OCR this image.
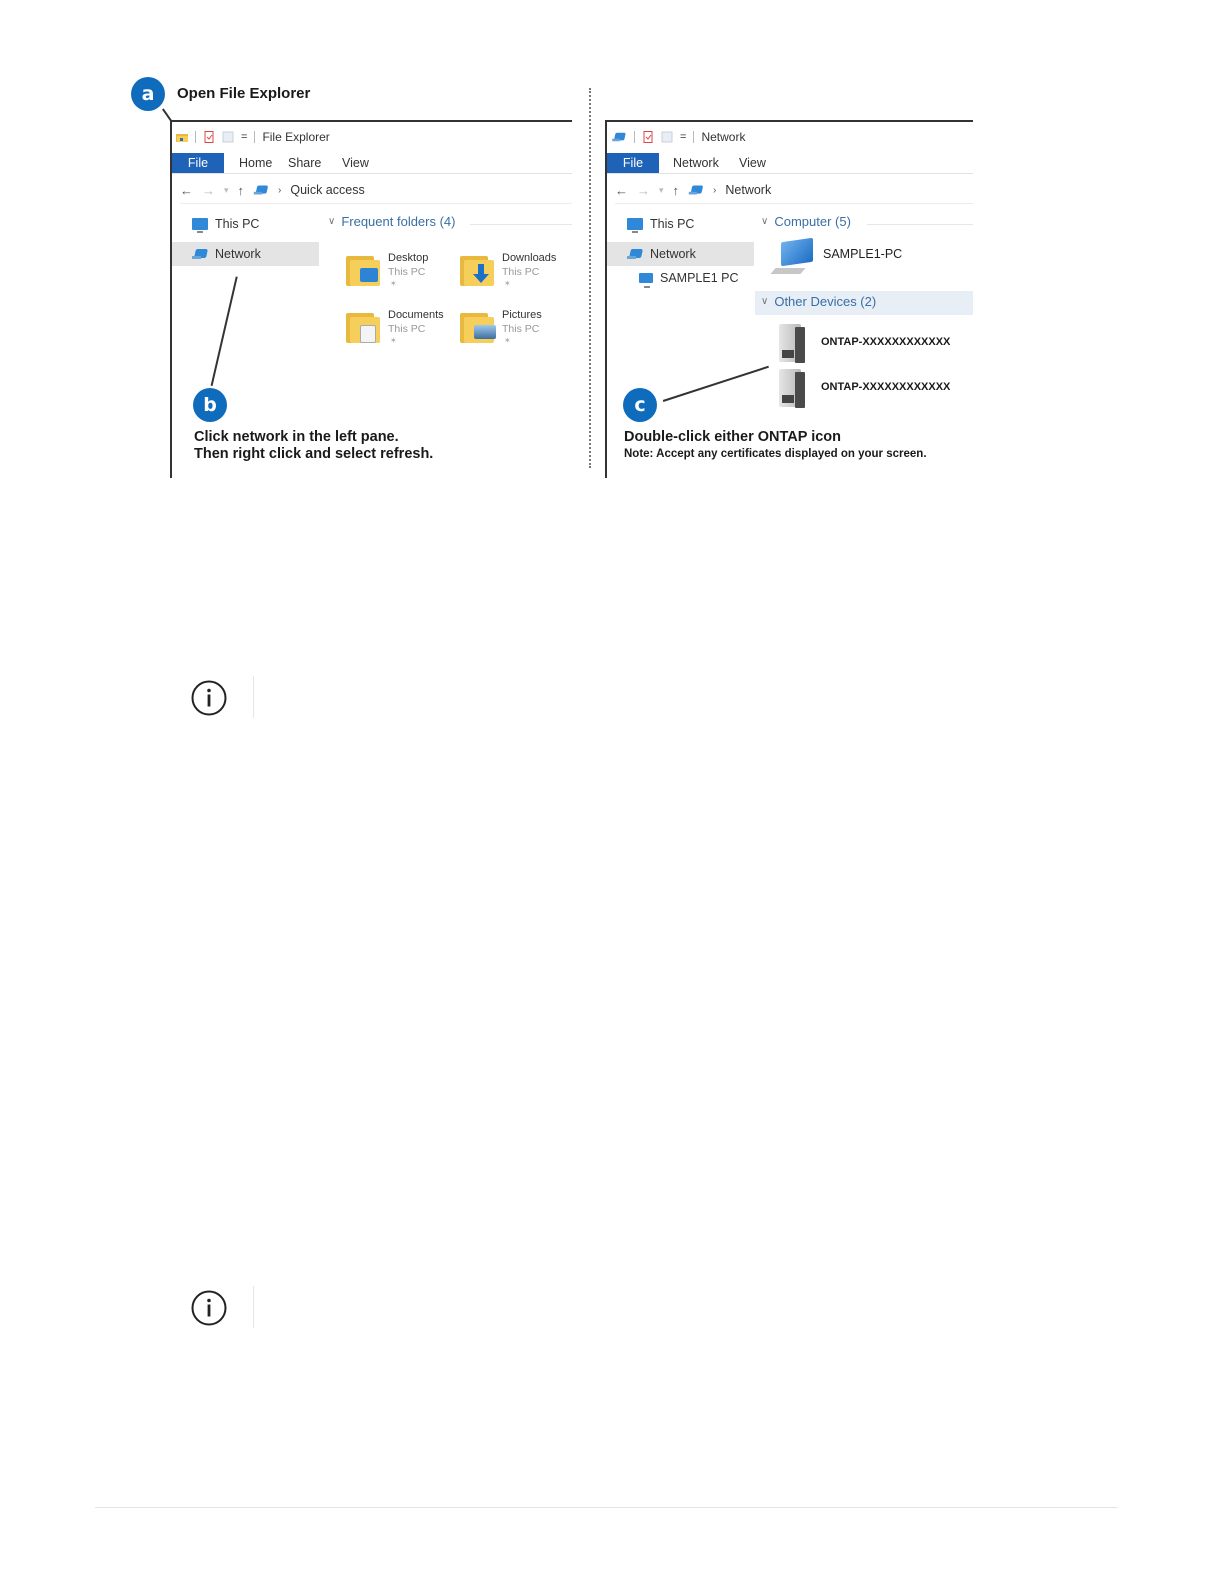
a	Open File Explorer
= File Explorer
File	Home Share View
← → ▾ ↑	› Quick access
This PC
Network
∨ Frequent folders (4)
Desktop
This PC
✶
Downloads
This PC
✶
Documents
This PC
✶
Pictures
This PC
✶
b
Click network in the left pane.
Then right click and select refresh.
= Network
File	Network View
← → ▾ ↑	› Network
This PC
Network
SAMPLE1 PC
∨ Computer (5)
SAMPLE1-PC
∨ Other Devices (2)
ONTAP-XXXXXXXXXXXX
ONTAP-XXXXXXXXXXXX
c
Double-click either ONTAP icon
Note: Accept any certificates displayed on your screen.
